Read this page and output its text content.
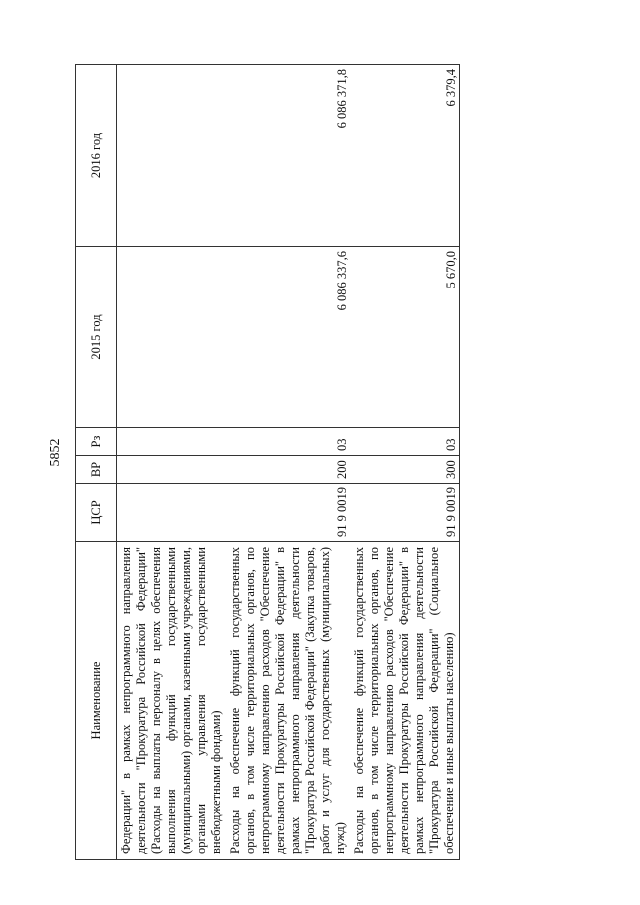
5852
Наименование	ЦСР	ВР	Рз	2015 год	2016 год
Федерации" в рамках непрограммного направления деятельности "Прокуратура Российской Федерации" (Расходы на выплаты персоналу в целях обеспечения выполнения функций государственными (муниципальными) органами, казенными учреждениями, органами управления государственными внебюджетными фондами)					
Расходы на обеспечение функций государственных органов, в том числе территориальных органов, по непрограммному направлению расходов "Обеспечение деятельности Прокуратуры Российской Федерации" в рамках непрограммного направления деятельности "Прокуратура Российской Федерации" (Закупка товаров, работ и услуг для государственных (муниципальных) нужд)	91 9 0019	200	03	6 086 337,6	6 086 371,8
Расходы на обеспечение функций государственных органов, в том числе территориальных органов, по непрограммному направлению расходов "Обеспечение деятельности Прокуратуры Российской Федерации" в рамках непрограммного направления деятельности "Прокуратура Российской Федерации" (Социальное обеспечение и иные выплаты населению)	91 9 0019	300	03	5 670,0	6 379,4
